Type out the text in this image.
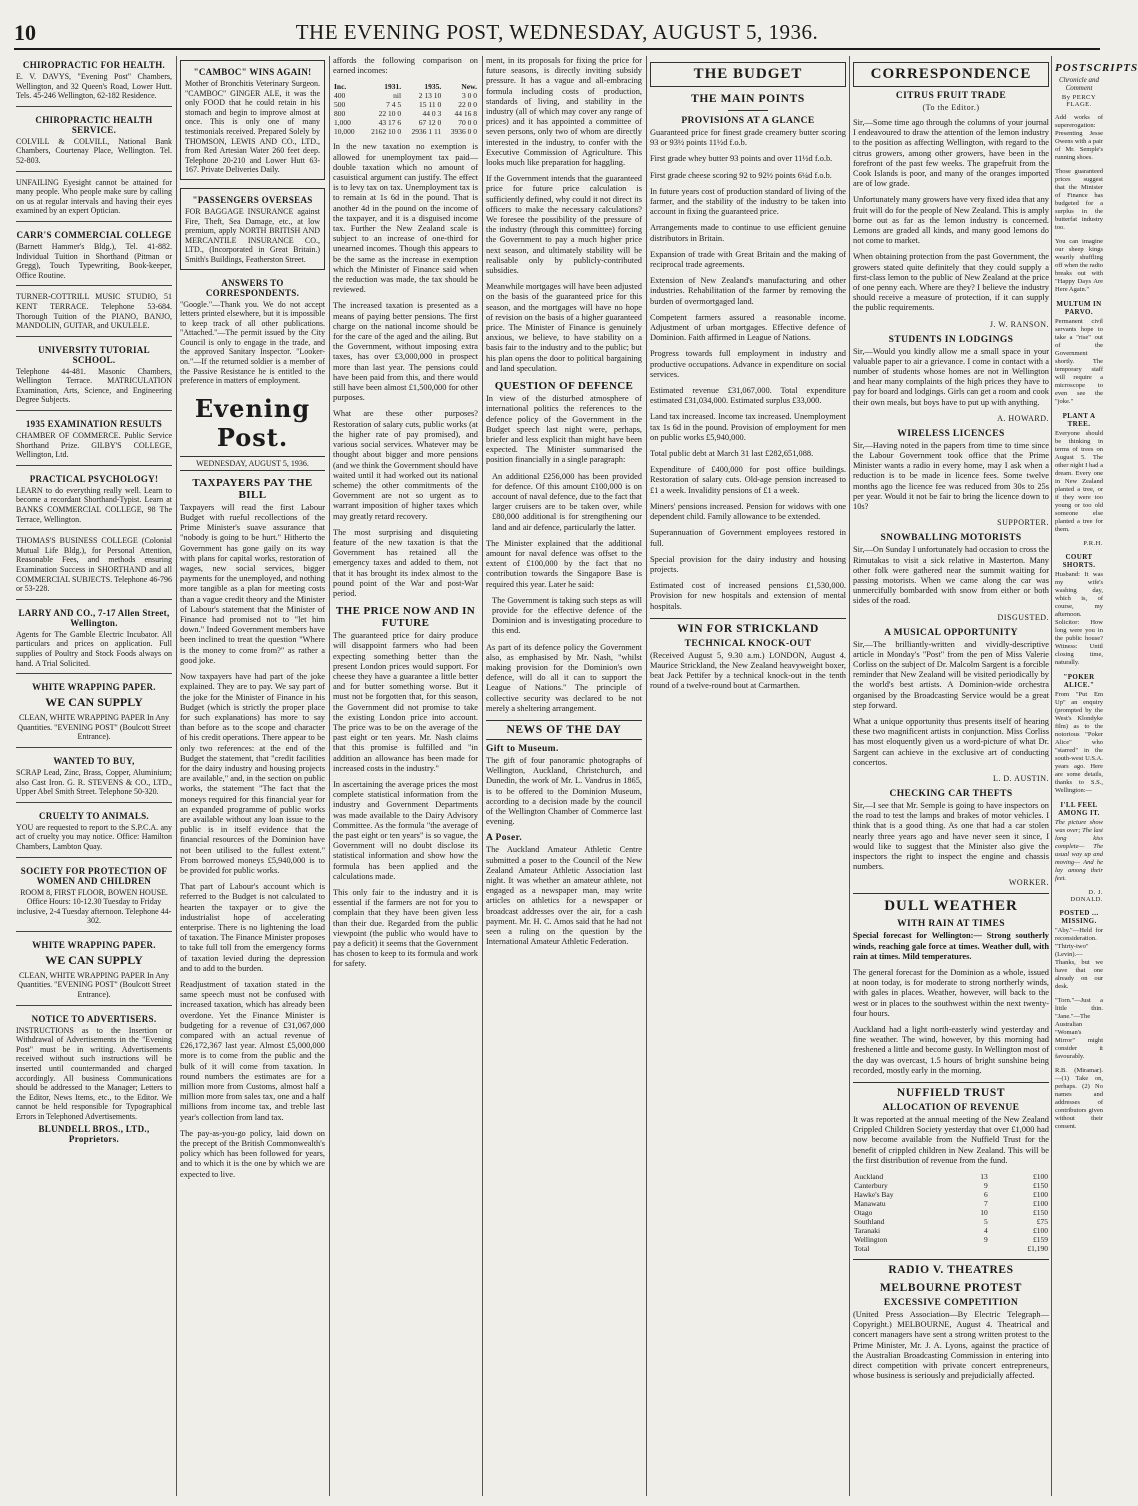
10	THE EVENING POST, WEDNESDAY, AUGUST 5, 1936.
CHIROPRACTIC FOR HEALTH.
E. V. DAVYS, "Evening Post" Chambers, Wellington, and 32 Queen's Road, Lower Hutt. Tels. 45-246 Wellington, 62-182 Residence.
CHIROPRACTIC HEALTH SERVICE.
COLVILL & COLVILL, National Bank Chambers, Courtenay Place, Wellington. Tel. 52-803.
UNFAILING Eyesight cannot be attained for many people. Who people make sure by calling on us at regular intervals and having their eyes examined by an expert Optician.
CARR'S COMMERCIAL COLLEGE
(Barnett Hammer's Bldg.), Tel. 41-882. Individual Tuition in Shorthand (Pitman or Gregg), Touch Typewriting, Book-keeper, Office Routine.
TURNER-COTTRILL MUSIC STUDIO, 51 KENT TERRACE. Telephone 53-684. Thorough Tuition of the PIANO, BANJO, MANDOLIN, GUITAR, and UKULELE.
UNIVERSITY TUTORIAL SCHOOL.
Telephone 44-481. Masonic Chambers, Wellington Terrace. MATRICULATION Examination, Arts, Science, and Engineering Degree Subjects.
1935 EXAMINATION RESULTS
CHAMBER OF COMMERCE. Public Service Shorthand Prize. GILBY'S COLLEGE, Wellington, Ltd.
PRACTICAL PSYCHOLOGY!
LEARN to do everything really well. Learn to become a recordant Shorthand-Typist. Learn at BANKS COMMERCIAL COLLEGE, 98 The Terrace, Wellington.
THOMAS'S BUSINESS COLLEGE (Colonial Mutual Life Bldg.), for Personal Attention, Reasonable Fees, and methods ensuring Examination Success in SHORTHAND and all COMMERCIAL SUBJECTS. Telephone 46-796 or 53-228.
LARRY AND CO., 7-17 Allen Street, Wellington.
Agents for The Gamble Electric Incubator. All particulars and prices on application. Full supplies of Poultry and Stock Foods always on hand. A Trial Solicited.
WHITE WRAPPING PAPER.
WE CAN SUPPLY
CLEAN, WHITE WRAPPING PAPER In Any Quantities. "EVENING POST" (Boulcott Street Entrance).
WANTED TO BUY,
SCRAP Lead, Zinc, Brass, Copper, Aluminium; also Cast Iron. G. R. STEVENS & CO., LTD., Upper Abel Smith Street. Telephone 50-320.
CRUELTY TO ANIMALS.
YOU are requested to report to the S.P.C.A. any act of cruelty you may notice. Office: Hamilton Chambers, Lambton Quay.
SOCIETY FOR PROTECTION OF WOMEN AND CHILDREN
ROOM 8, FIRST FLOOR, BOWEN HOUSE. Office Hours: 10-12.30 Tuesday to Friday inclusive, 2-4 Tuesday afternoon. Telephone 44-302.
WHITE WRAPPING PAPER.
WE CAN SUPPLY
CLEAN, WHITE WRAPPING PAPER In Any Quantities. "EVENING POST" (Boulcott Street Entrance).
NOTICE TO ADVERTISERS.
INSTRUCTIONS as to the Insertion or Withdrawal of Advertisements in the "Evening Post" must be in writing. Advertisements received without such instructions will be inserted until countermanded and charged accordingly. All business Communications should be addressed to the Manager; Letters to the Editor, News Items, etc., to the Editor. We cannot be held responsible for Typographical Errors in Telephoned Advertisements.
BLUNDELL BROS., LTD., Proprietors.
"CAMBOC" WINS AGAIN!
Mother of Bronchitis Veterinary Surgeon. "CAMBOC" GINGER ALE, it was the only FOOD that he could retain in his stomach and begin to improve almost at once. This is only one of many testimonials received. Prepared Solely by THOMSON, LEWIS AND CO., LTD., from Red Artesian Water 260 feet deep. Telephone 20-210 and Lower Hutt 63-167. Private Deliveries Daily.
"PASSENGERS OVERSEAS
FOR BAGGAGE INSURANCE against Fire, Theft, Sea Damage, etc., at low premium, apply NORTH BRITISH AND MERCANTILE INSURANCE CO., LTD., (Incorporated in Great Britain.) Smith's Buildings, Featherston Street.
ANSWERS TO CORRESPONDENTS.
"Google."—Thank you. We do not accept letters printed elsewhere, but it is impossible to keep track of all other publications. "Attached."—The permit issued by the City Council is only to engage in the trade, and the approved Sanitary Inspector. "Looker-on."—If the returned soldier is a member of the Passive Resistance he is entitled to the preference in matters of employment.
Evening Post.
WEDNESDAY, AUGUST 5, 1936.
TAXPAYERS PAY THE BILL

Taxpayers will read the first Labour Budget with rueful recollections of the Prime Minister's suave assurance that "nobody is going to be hurt." Hitherto the Government has gone gaily on its way with plans for capital works, restoration of wages, new social services, bigger payments for the unemployed, and nothing more tangible as a plan for meeting costs than a vague credit theory and the Minister of Labour's statement that the Minister of Finance had promised not to "let him down." Indeed Government members have been inclined to treat the question "Where is the money to come from?" as rather a good joke.

Now taxpayers have had part of the joke explained. They are to pay. We say part of the joke for the Minister of Finance in his Budget (which is strictly the proper place for such explanations) has more to say than before as to the scope and character of his credit operations. There appear to be only two references: at the end of the Budget the statement, that "credit facilities for the dairy industry and housing projects are available," and, in the section on public works, the statement "The fact that the moneys required for this financial year for an expanded programme of public works are available without any loan issue to the public is in itself evidence that the financial resources of the Dominion have not been utilised to the fullest extent." From borrowed moneys £5,940,000 is to be provided for public works.

That part of Labour's account which is referred to the Budget is not calculated to hearten the taxpayer or to give the industrialist hope of accelerating enterprise. There is no lightening the load of taxation. The Finance Minister proposes to take full toll from the emergency forms of taxation levied during the depression and to add to the burden.

Readjustment of taxation stated in the same speech must not be confused with increased taxation, which has already been overdone. Yet the Finance Minister is budgeting for a revenue of £31,067,000 compared with an actual revenue of £26,172,367 last year. Almost £5,000,000 more is to come from the public and the bulk of it will come from taxation. In round numbers the estimates are for a million more from Customs, almost half a million more from sales tax, one and a half millions from income tax, and treble last year's collection from land tax.

The pay-as-you-go policy, laid down on the precept of the British Commonwealth's policy which has been followed for years, and to which it is the one by which we are expected to live.

affords the following comparison on earned incomes:

Inc.	1931.	1935.	New.
400	nil	2 13 10	3 0 0
500	7 4 5	15 11 0	22 0 0
800	22 10 0	44 0 3	44 16 8
1,000	43 17 6	67 12 0	70 0 0
10,000	2162 10 0	2936 1 11	3936 0 0

In the new taxation no exemption is allowed for unemployment tax paid—double taxation which no amount of casuistical argument can justify. The effect is to levy tax on tax. Unemployment tax is to remain at 1s 6d in the pound. That is another 4d in the pound on the income of the taxpayer, and it is a disguised income tax. Further the New Zealand scale is subject to an increase of one-third for unearned incomes. Though this appears to be the same as the increase in exemption which the Minister of Finance said when the reduction was made, the tax should be reviewed.

The increased taxation is presented as a means of paying better pensions. The first charge on the national income should be for the care of the aged and the ailing. But the Government, without imposing extra taxes, has over £3,000,000 in prospect more than last year. The pensions could have been paid from this, and there would still have been almost £1,500,000 for other purposes.

What are these other purposes? Restoration of salary cuts, public works (at the higher rate of pay promised), and various social services. Whatever may be thought about bigger and more pensions (and we think the Government should have waited until it had worked out its national scheme) the other commitments of the Government are not so urgent as to warrant imposition of higher taxes which may greatly retard recovery.

The most surprising and disquieting feature of the new taxation is that the Government has retained all the emergency taxes and added to them, not that it has brought its index almost to the pound point of the War and post-War period.

THE PRICE NOW AND IN FUTURE

The guaranteed price for dairy produce will disappoint farmers who had been expecting something better than the present London prices would support. For cheese they have a guarantee a little better and for butter something worse. But it must not be forgotten that, for this season, the Government did not promise to take the existing London price into account. The price was to be on the average of the past eight or ten years. Mr. Nash claims that this promise is fulfilled and "in addition an allowance has been made for increased costs in the industry."

In ascertaining the average prices the most complete statistical information from the industry and Government Departments was made available to the Dairy Advisory Committee. As the formula "the average of the past eight or ten years" is so vague, the Government will no doubt disclose its statistical information and show how the formula has been applied and the calculations made.

This only fair to the industry and it is essential if the farmers are not for you to complain that they have been given less than their due. Regarded from the public viewpoint (the public who would have to pay a deficit) it seems that the Government has chosen to keep to its formula and work for safety.

ment, in its proposals for fixing the price for future seasons, is directly inviting subsidy pressure. It has a vague and all-embracing formula including costs of production, standards of living, and stability in the industry (all of which may cover any range of prices) and it has appointed a committee of seven persons, only two of whom are directly interested in the industry, to confer with the Executive Commission of Agriculture. This looks much like preparation for haggling.

If the Government intends that the guaranteed price for future price calculation is sufficiently defined, why could it not direct its officers to make the necessary calculations? We foresee the possibility of the pressure of the industry (through this committee) forcing the Government to pay a much higher price next season, and ultimately stability will be realisable only by publicly-contributed subsidies.

Meanwhile mortgages will have been adjusted on the basis of the guaranteed price for this season, and the mortgages will have no hope of revision on the basis of a higher guaranteed price. The Minister of Finance is genuinely anxious, we believe, to have stability on a basis fair to the industry and to the public; but his plan opens the door to political bargaining and land speculation.

QUESTION OF DEFENCE

In view of the disturbed atmosphere of international politics the references to the defence policy of the Government in the Budget speech last night were, perhaps, briefer and less explicit than might have been expected. The Minister summarised the position financially in a single paragraph:

An additional £256,000 has been provided for defence. Of this amount £100,000 is on account of naval defence, due to the fact that larger cruisers are to be taken over, while £80,000 additional is for strengthening our land and air defence, particularly the latter.

The Minister explained that the additional amount for naval defence was offset to the extent of £100,000 by the fact that no contribution towards the Singapore Base is required this year. Later he said:

The Government is taking such steps as will provide for the effective defence of the Dominion and is investigating procedure to this end.

As part of its defence policy the Government also, as emphasised by Mr. Nash, "whilst making provision for the Dominion's own defence, will do all it can to support the League of Nations." The principle of collective security was declared to be not merely a sheltering arrangement.

NEWS OF THE DAY
Gift to Museum.

The gift of four panoramic photographs of Wellington, Auckland, Christchurch, and Dunedin, the work of Mr. L. Vandrus in 1865, is to be offered to the Dominion Museum, according to a decision made by the council of the Wellington Chamber of Commerce last evening.

A Poser.

The Auckland Amateur Athletic Centre submitted a poser to the Council of the New Zealand Amateur Athletic Association last night. It was whether an amateur athlete, not engaged as a newspaper man, may write articles on athletics for a newspaper or broadcast addresses over the air, for a cash payment. Mr. H. C. Amos said that he had not seen a ruling on the question by the International Amateur Athletic Federation.

THE BUDGET
THE MAIN POINTS
PROVISIONS AT A GLANCE

Guaranteed price for finest grade creamery butter scoring 93 or 93½ points 11½d f.o.b.

First grade whey butter 93 points and over 11½d f.o.b.

First grade cheese scoring 92 to 92½ points 6¼d f.o.b.

In future years cost of production standard of living of the farmer, and the stability of the industry to be taken into account in fixing the guaranteed price.

Arrangements made to continue to use efficient genuine distributors in Britain.

Expansion of trade with Great Britain and the making of reciprocal trade agreements.

Extension of New Zealand's manufacturing and other industries. Rehabilitation of the farmer by removing the burden of overmortgaged land.

Competent farmers assured a reasonable income. Adjustment of urban mortgages. Effective defence of Dominion. Faith affirmed in League of Nations.

Progress towards full employment in industry and productive occupations. Advance in expenditure on social services.

Estimated revenue £31,067,000. Total expenditure estimated £31,034,000. Estimated surplus £33,000.

Land tax increased. Income tax increased. Unemployment tax 1s 6d in the pound. Provision of employment for men on public works £5,940,000.

Total public debt at March 31 last £282,651,088.

Expenditure of £400,000 for post office buildings. Restoration of salary cuts. Old-age pension increased to £1 a week. Invalidity pensions of £1 a week.

Miners' pensions increased. Pension for widows with one dependent child. Family allowance to be extended.

Superannuation of Government employees restored in full.

Special provision for the dairy industry and housing projects.

Estimated cost of increased pensions £1,530,000. Provision for new hospitals and extension of mental hospitals.

WIN FOR STRICKLAND
TECHNICAL KNOCK-OUT

(Received August 5, 9.30 a.m.) LONDON, August 4. Maurice Strickland, the New Zealand heavyweight boxer, beat Jack Pettifer by a technical knock-out in the tenth round of a twelve-round bout at Carmarthen.

CORRESPONDENCE
CITRUS FRUIT TRADE
(To the Editor.)

Sir,—Some time ago through the columns of your journal I endeavoured to draw the attention of the lemon industry to the position as affecting Wellington, with regard to the citrus growers, among other growers, have been in the forefront of the past few weeks. The grapefruit from the Cook Islands is poor, and many of the oranges imported are of low grade.

Unfortunately many growers have very fixed idea that any fruit will do for the people of New Zealand. This is amply borne out as far as the lemon industry is concerned. Lemons are graded all kinds, and many good lemons do not come to market.

When obtaining protection from the past Government, the growers stated quite definitely that they could supply a first-class lemon to the public of New Zealand at the price of one penny each. Where are they? I believe the industry should receive a measure of protection, if it can supply the public requirements.

J. W. RANSON.
STUDENTS IN LODGINGS

Sir,—Would you kindly allow me a small space in your valuable paper to air a grievance. I come in contact with a number of students whose homes are not in Wellington and hear many complaints of the high prices they have to pay for board and lodgings. Girls can get a room and cook their own meals, but boys have to put up with anything.

A. HOWARD.
WIRELESS LICENCES

Sir,—Having noted in the papers from time to time since the Labour Government took office that the Prime Minister wants a radio in every home, may I ask when a reduction is to be made in licence fees. Some twelve months ago the licence fee was reduced from 30s to 25s per year. Would it not be fair to bring the licence down to 10s?

SUPPORTER.
SNOWBALLING MOTORISTS

Sir,—On Sunday I unfortunately had occasion to cross the Rimutakas to visit a sick relative in Masterton. Many other folk were gathered near the summit waiting for passing motorists. When we came along the car was unmercifully bombarded with snow from either or both sides of the road.

DISGUSTED.
A MUSICAL OPPORTUNITY

Sir,—The brilliantly-written and vividly-descriptive article in Monday's "Post" from the pen of Miss Valerie Corliss on the subject of Dr. Malcolm Sargent is a forcible reminder that New Zealand will be visited periodically by the world's best artists. A Dominion-wide orchestra organised by the Broadcasting Service would be a great step forward.

What a unique opportunity thus presents itself of hearing these two magnificent artists in conjunction. Miss Corliss has most eloquently given us a word-picture of what Dr. Sargent can achieve in the exclusive art of conducting concertos.

L. D. AUSTIN.
CHECKING CAR THEFTS

Sir,—I see that Mr. Semple is going to have inspectors on the road to test the lamps and brakes of motor vehicles. I think that is a good thing. As one that had a car stolen nearly three years ago and have never seen it since, I would like to suggest that the Minister also give the inspectors the right to inspect the engine and chassis numbers.

WORKER.
DULL WEATHER
WITH RAIN AT TIMES

Special forecast for Wellington:— Strong southerly winds, reaching gale force at times. Weather dull, with rain at times. Mild temperatures.

The general forecast for the Dominion as a whole, issued at noon today, is for moderate to strong northerly winds, with gales in places. Weather, however, will back to the west or in places to the southwest within the next twenty-four hours.

Auckland had a light north-easterly wind yesterday and fine weather. The wind, however, by this morning had freshened a little and become gusty. In Wellington most of the day was overcast, 1.5 hours of bright sunshine being recorded, mostly early in the morning.

NUFFIELD TRUST
ALLOCATION OF REVENUE

It was reported at the annual meeting of the New Zealand Crippled Children Society yesterday that over £1,000 had now become available from the Nuffield Trust for the benefit of crippled children in New Zealand. This will be the first distribution of revenue from the fund.

Auckland	13	£100
Canterbury	9	£150
Hawke's Bay	6	£100
Manawatu	7	£100
Otago	10	£150
Southland	5	£75
Taranaki	4	£100
Wellington	9	£159
Total		£1,190
RADIO V. THEATRES
MELBOURNE PROTEST
EXCESSIVE COMPETITION

(United Press Association—By Electric Telegraph—Copyright.) MELBOURNE, August 4. Theatrical and concert managers have sent a strong written protest to the Prime Minister, Mr. J. A. Lyons, against the practice of the Australian Broadcasting Commission in entering into direct competition with private concert entrepreneurs, whose business is seriously and prejudicially affected.

POSTSCRIPTS
Chronicle and Comment
By PERCY FLAGE.

Add works of supererogation: Presenting Jesse Owens with a pair of Mr. Semple's running shoes.

Those guaranteed prices suggest that the Minister of Finance has budgeted for a surplus in the butterfat industry too.

You can imagine our sheep kings wearily shuffling off when the radio breaks out with "Happy Days Are Here Again."

MULTUM IN PARVO.

Permanent civil servants hope to take a "rise" out of the Government shortly. The temporary staff will require a microscope to even see the "joke."

PLANT A TREE.

Everyone should be thinking in terms of trees on August 5. The other night I had a dream. Every one in New Zealand planted a tree, or if they were too young or too old someone else planted a tree for them.

P.R.H.
COURT SHORTS.

Husband: It was my wife's washing day, which is, of course, my afternoon. Solicitor: How long were you in the public house? Witness: Until closing time, naturally.

"POKER ALICE."

From "Put Em Up" an enquiry (prompted by the West's Klondyke film) as to the notorious "Poker Alice" who "starred" in the south-west U.S.A. years ago. Here are some details, thanks to S.S., Wellington:—

I'LL FEEL AMONG IT.

The picture show was over; The last long kiss complete— The usual way up and moving— And he lay among their feet.

D. J. DONALD.
POSTED ... MISSING.

"Aby."—Held for reconsideration. "Thirty-two" (Levin).—Thanks, but we have that one already on our desk.

"Torn."—Just a little thin. "Jane."—The Australian "Woman's Mirror" might consider it favourably.

R.B. (Miramar).—(1) Take on, perhaps. (2) No names and addresses of contributors given without their consent.
